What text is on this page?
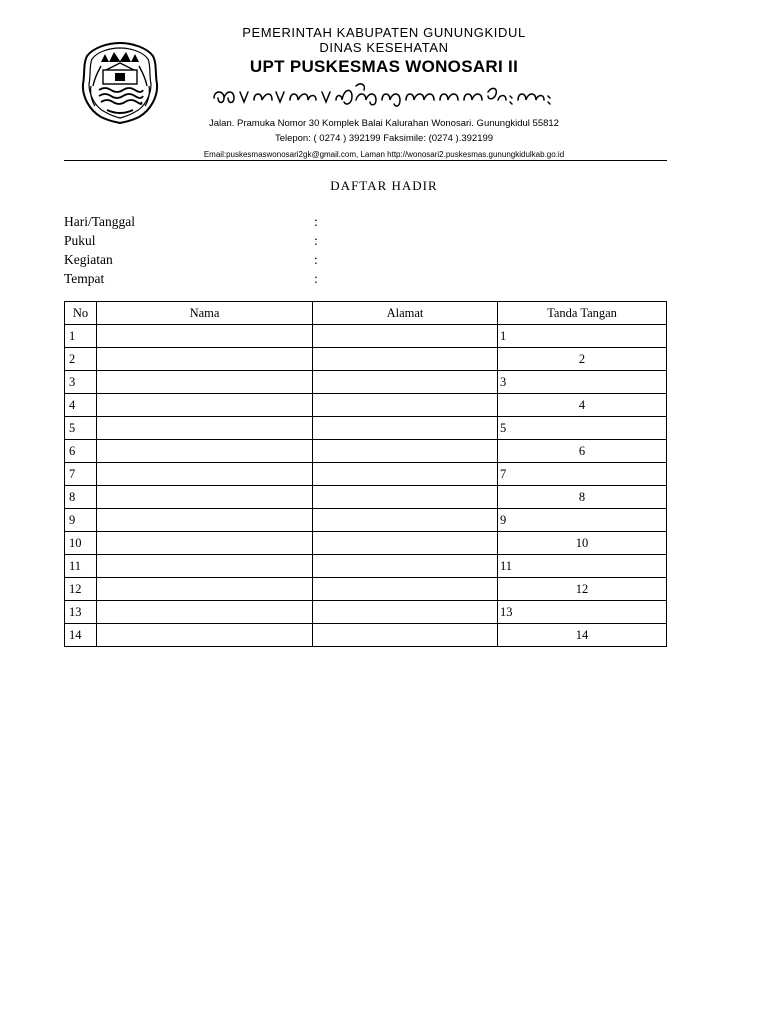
PEMERINTAH KABUPATEN GUNUNGKIDUL
DINAS KESEHATAN
UPT PUSKESMAS WONOSARI II
Jalan. Pramuka Nomor 30 Komplek Balai Kalurahan Wonosari. Gunungkidul 55812
Telepon: ( 0274 ) 392199 Faksimile: (0274 ).392199
Email:puskesmaswonosari2gk@gmail.com, Laman http://wonosari2.puskesmas.gunungkidulkab.go.id
DAFTAR HADIR
Hari/Tanggal	:
Pukul	:
Kegiatan	:
Tempat	:
No	Nama	Alamat	Tanda Tangan
1			1
2			2
3			3
4			4
5			5
6			6
7			7
8			8
9			9
10			10
11			11
12			12
13			13
14			14
